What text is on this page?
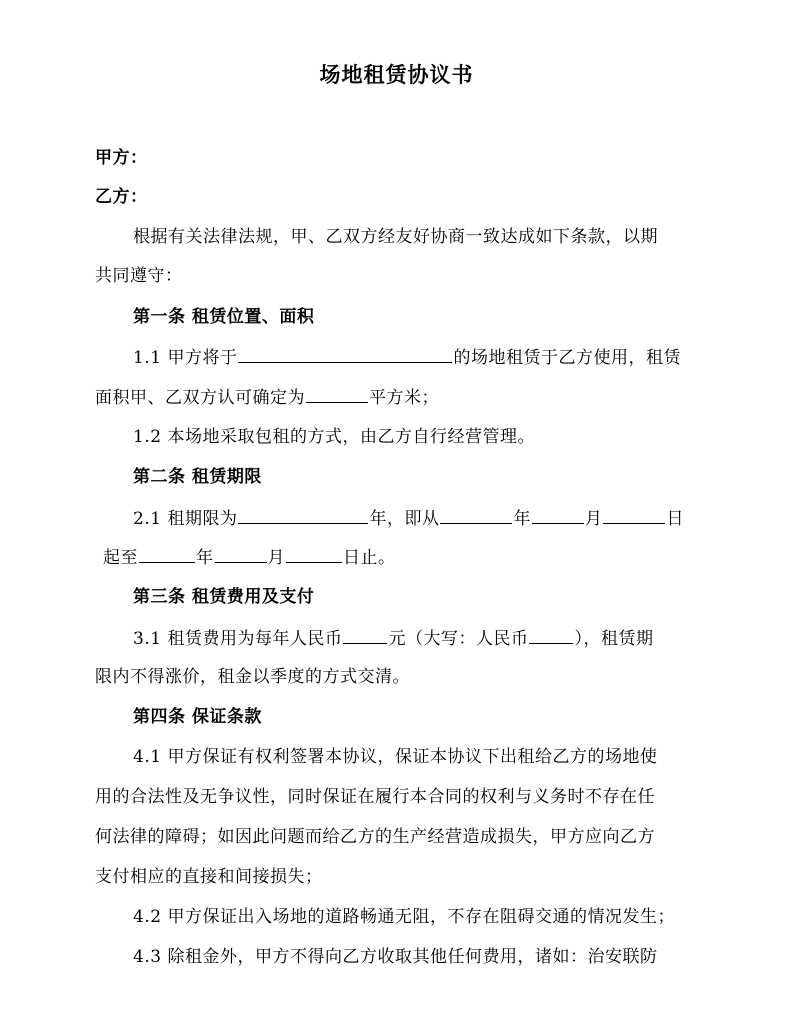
场地租赁协议书
甲方：
乙方：
根据有关法律法规，甲、乙双方经友好协商一致达成如下条款，以期
共同遵守：
第一条 租赁位置、面积
1.1 甲方将于	的场地租赁于乙方使用，租赁
面积甲、乙双方认可确定为	平方米；
1.2 本场地采取包租的方式，由乙方自行经营管理。
第二条 租赁期限
2.1 租期限为	年，即从	年	月	日
起至	年	月	日止。
第三条 租赁费用及支付
3.1 租赁费用为每年人民币	元（大写：人民币	），租赁期
限内不得涨价，租金以季度的方式交清。
第四条 保证条款
4.1 甲方保证有权利签署本协议，保证本协议下出租给乙方的场地使
用的合法性及无争议性，同时保证在履行本合同的权利与义务时不存在任
何法律的障碍；如因此问题而给乙方的生产经营造成损失，甲方应向乙方
支付相应的直接和间接损失；
4.2 甲方保证出入场地的道路畅通无阻，不存在阻碍交通的情况发生；
4.3 除租金外，甲方不得向乙方收取其他任何费用，诸如：治安联防
